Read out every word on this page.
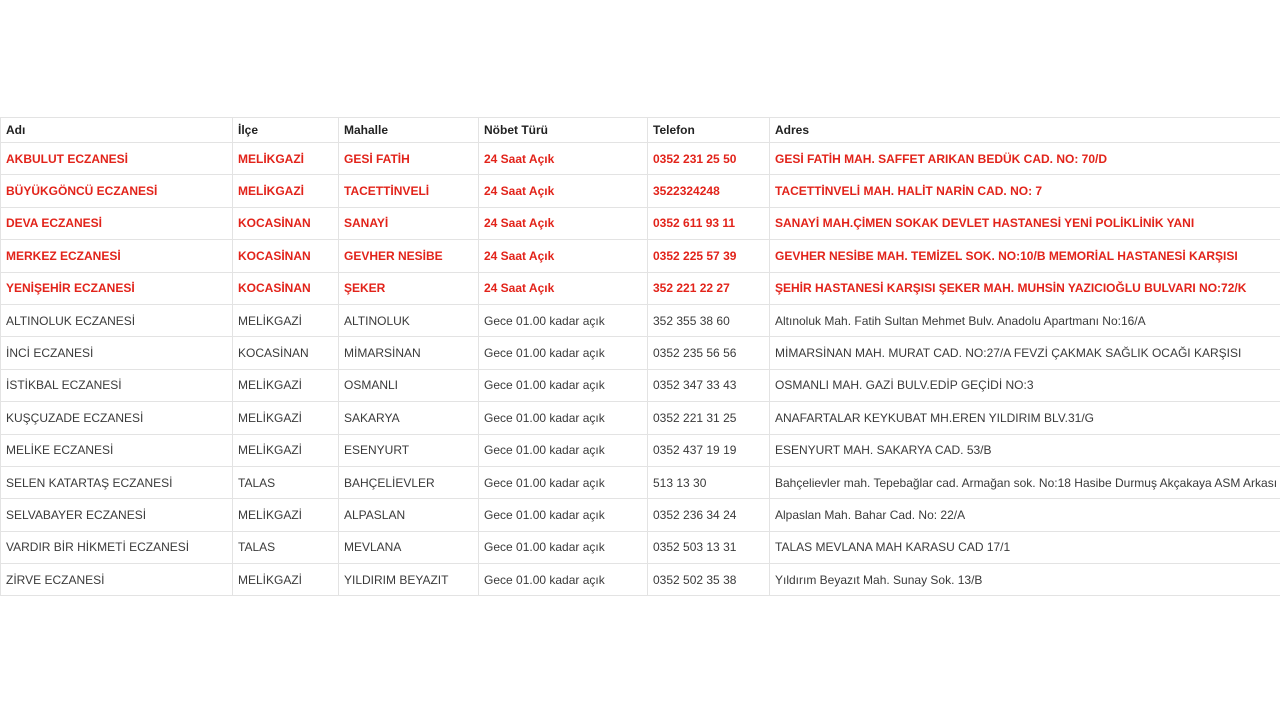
Adı	İlçe	Mahalle	Nöbet Türü	Telefon	Adres
AKBULUT ECZANESİ	MELİKGAZİ	GESİ FATİH	24 Saat Açık	0352 231 25 50	GESİ FATİH MAH. SAFFET ARIKAN BEDÜK CAD. NO: 70/D
BÜYÜKGÖNCÜ ECZANESİ	MELİKGAZİ	TACETTİNVELİ	24 Saat Açık	3522324248	TACETTİNVELİ MAH. HALİT NARİN CAD. NO: 7
DEVA ECZANESİ	KOCASİNAN	SANAYİ	24 Saat Açık	0352 611 93 11	SANAYİ MAH.ÇİMEN SOKAK DEVLET HASTANESİ YENİ POLİKLİNİK YANI
MERKEZ ECZANESİ	KOCASİNAN	GEVHER NESİBE	24 Saat Açık	0352 225 57 39	GEVHER NESİBE MAH. TEMİZEL SOK. NO:10/B MEMORİAL HASTANESİ KARŞISI
YENİŞEHİR ECZANESİ	KOCASİNAN	ŞEKER	24 Saat Açık	352 221 22 27	ŞEHİR HASTANESİ KARŞISI ŞEKER MAH. MUHSİN YAZICIOĞLU BULVARI NO:72/K
ALTINOLUK ECZANESİ	MELİKGAZİ	ALTINOLUK	Gece 01.00 kadar açık	352 355 38 60	Altınoluk Mah. Fatih Sultan Mehmet Bulv. Anadolu Apartmanı No:16/A
İNCİ ECZANESİ	KOCASİNAN	MİMARSİNAN	Gece 01.00 kadar açık	0352 235 56 56	MİMARSİNAN MAH. MURAT CAD. NO:27/A FEVZİ ÇAKMAK SAĞLIK OCAĞI KARŞISI
İSTİKBAL ECZANESİ	MELİKGAZİ	OSMANLI	Gece 01.00 kadar açık	0352 347 33 43	OSMANLI MAH. GAZİ BULV.EDİP GEÇİDİ NO:3
KUŞÇUZADE ECZANESİ	MELİKGAZİ	SAKARYA	Gece 01.00 kadar açık	0352 221 31 25	ANAFARTALAR KEYKUBAT MH.EREN YILDIRIM BLV.31/G
MELİKE ECZANESİ	MELİKGAZİ	ESENYURT	Gece 01.00 kadar açık	0352 437 19 19	ESENYURT MAH. SAKARYA CAD. 53/B
SELEN KATARTAŞ ECZANESİ	TALAS	BAHÇELİEVLER	Gece 01.00 kadar açık	513 13 30	Bahçelievler mah. Tepebağlar cad. Armağan sok. No:18 Hasibe Durmuş Akçakaya ASM Arkası
SELVABAYER ECZANESİ	MELİKGAZİ	ALPASLAN	Gece 01.00 kadar açık	0352 236 34 24	Alpaslan Mah. Bahar Cad. No: 22/A
VARDIR BİR HİKMETİ ECZANESİ	TALAS	MEVLANA	Gece 01.00 kadar açık	0352 503 13 31	TALAS MEVLANA MAH KARASU CAD 17/1
ZİRVE ECZANESİ	MELİKGAZİ	YILDIRIM BEYAZIT	Gece 01.00 kadar açık	0352 502 35 38	Yıldırım Beyazıt Mah. Sunay Sok. 13/B
